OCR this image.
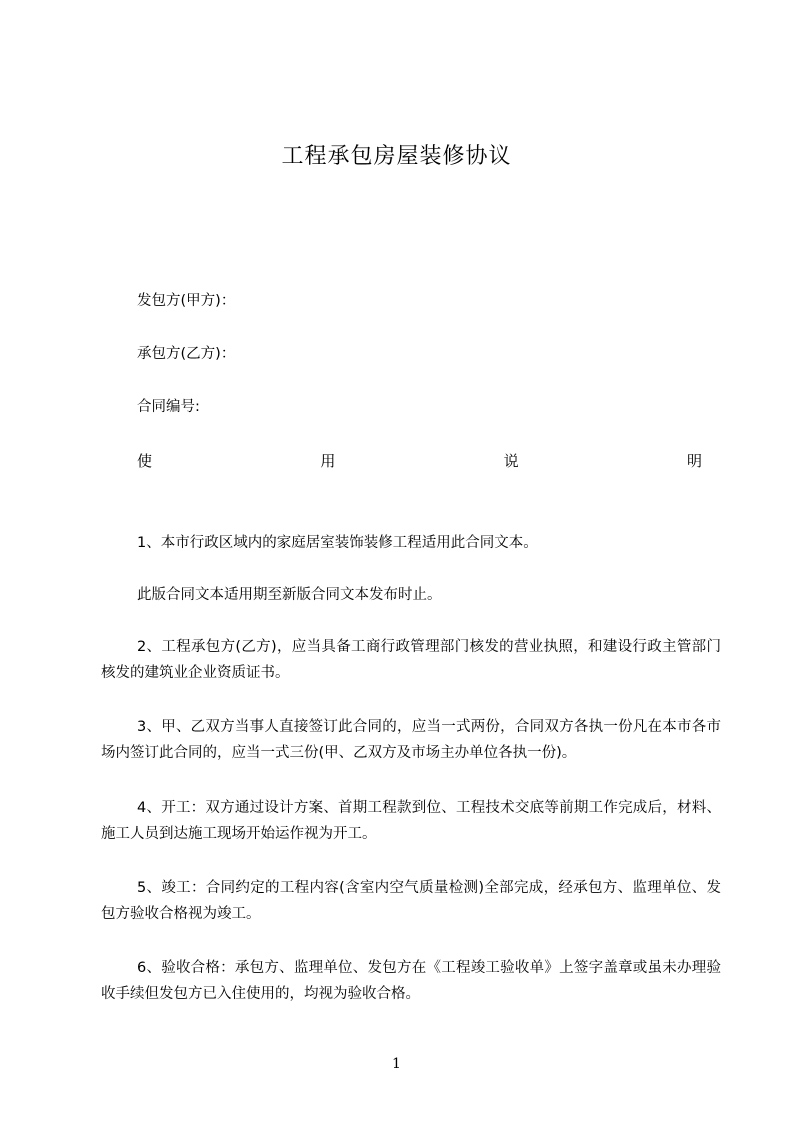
工程承包房屋装修协议
发包方(甲方)：
承包方(乙方)：
合同编号:
使	用	说	明
1、本市行政区域内的家庭居室装饰装修工程适用此合同文本。
此版合同文本适用期至新版合同文本发布时止。
2、工程承包方(乙方)，应当具备工商行政管理部门核发的营业执照，和建设行政主管部门核发的建筑业企业资质证书。
3、甲、乙双方当事人直接签订此合同的，应当一式两份，合同双方各执一份凡在本市各市场内签订此合同的，应当一式三份(甲、乙双方及市场主办单位各执一份)。
4、开工：双方通过设计方案、首期工程款到位、工程技术交底等前期工作完成后，材料、施工人员到达施工现场开始运作视为开工。
5、竣工：合同约定的工程内容(含室内空气质量检测)全部完成，经承包方、监理单位、发包方验收合格视为竣工。
6、验收合格：承包方、监理单位、发包方在《工程竣工验收单》上签字盖章或虽未办理验收手续但发包方已入住使用的，均视为验收合格。
1
